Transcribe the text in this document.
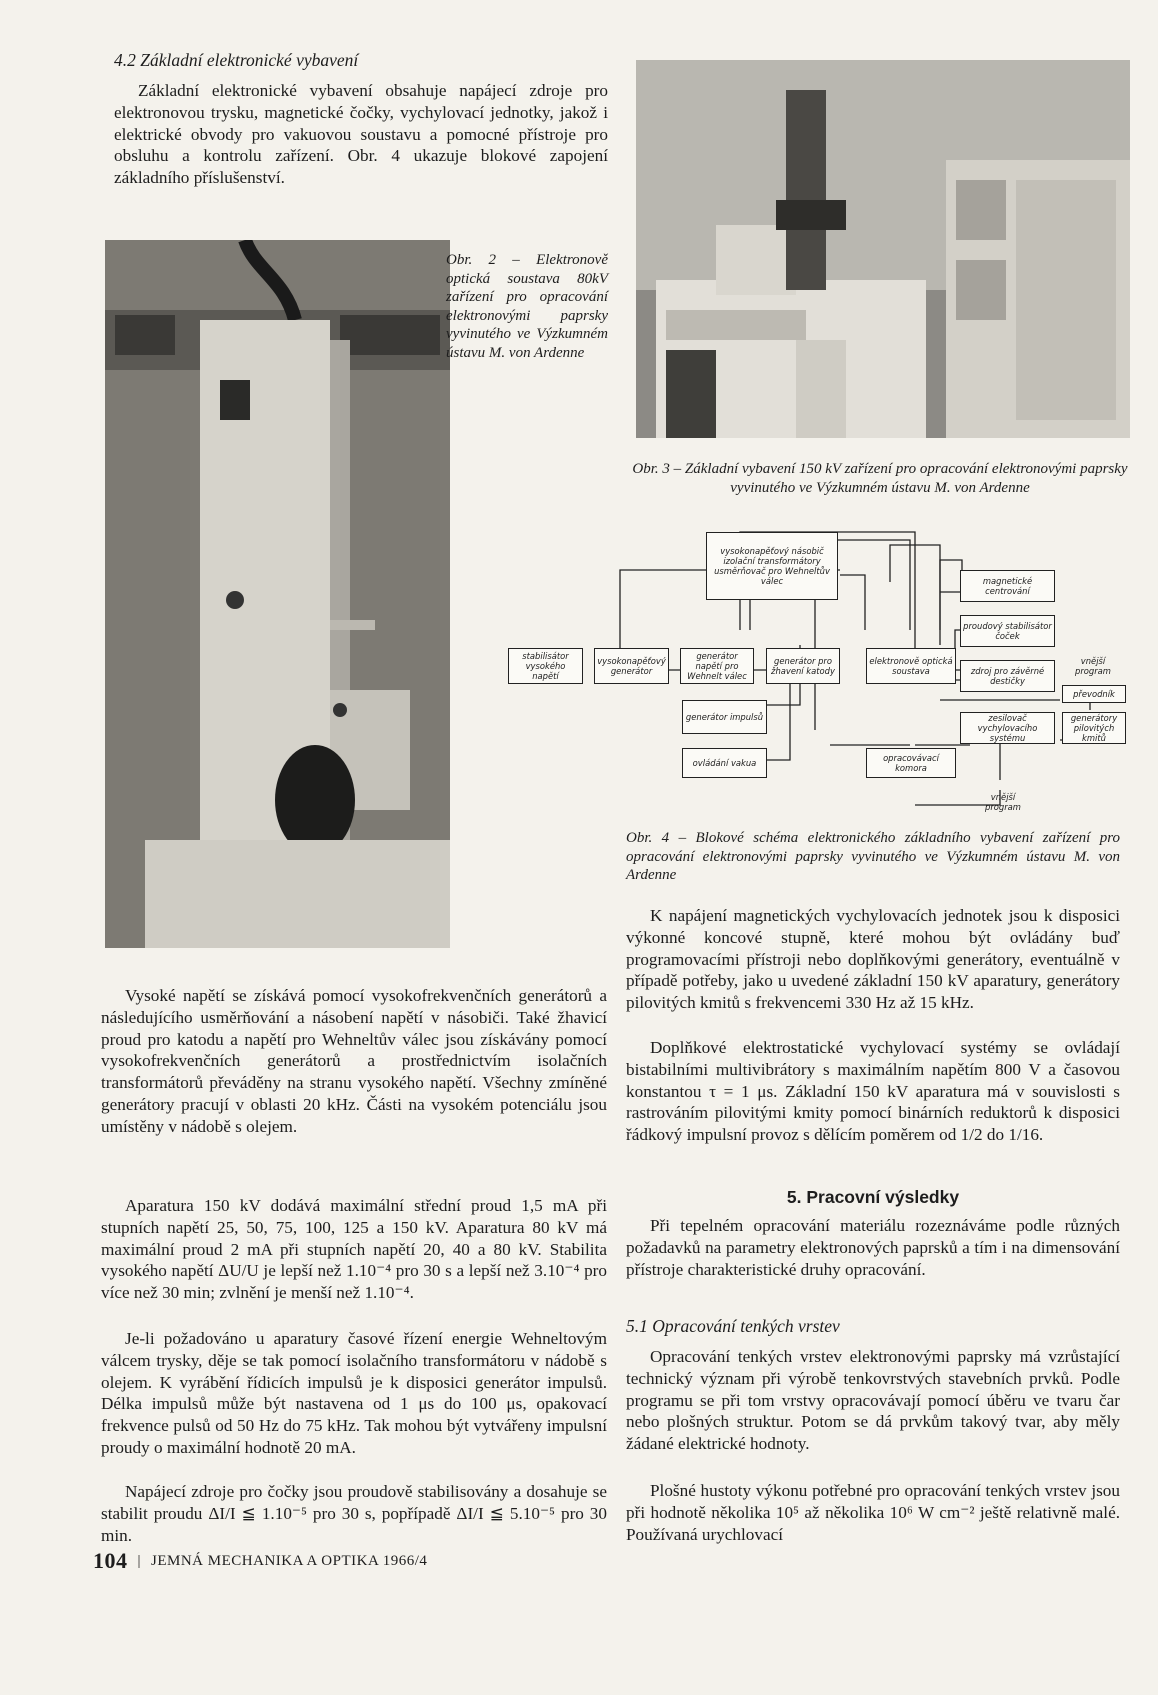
4.2 Základní elektronické vybavení

Základní elektronické vybavení obsahuje napájecí zdroje pro elektronovou trysku, magnetické čočky, vychylovací jednotky, jakož i elektrické obvody pro vakuovou soustavu a pomocné přístroje pro obsluhu a kontrolu zařízení. Obr. 4 ukazuje blokové zapojení základního příslušenství.

Obr. 2 – Elektronově optická soustava 80kV zařízení pro opracování elektronovými paprsky vyvinutého ve Výzkumném ústavu M. von Ardenne

Obr. 3 – Základní vybavení 150 kV zařízení pro opracování elektronovými paprsky vyvinutého ve Výzkumném ústavu M. von Ardenne

vysokonapěťový násobič izolační transformátory usměrňovač pro Wehneltův válec
stabilisátor vysokého napětí
vysokonapěťový generátor
generátor napětí pro Wehnelt válec
generátor pro žhavení katody
elektronově optická soustava
magnetické centrování
proudový stabilisátor čoček
zdroj pro závěrné destičky
zesilovač vychylovacího systému
generátory pilovitých kmitů
generátor impulsů
ovládání vakua	opracovávací komora
převodník
vnější program
vnější program

Obr. 4 – Blokové schéma elektronického základního vybavení zařízení pro opracování elektronovými paprsky vyvinutého ve Výzkumném ústavu M. von Ardenne

Vysoké napětí se získává pomocí vysokofrekvenčních generátorů a následujícího usměrňování a násobení napětí v násobiči. Také žhavicí proud pro katodu a napětí pro Wehneltův válec jsou získávány pomocí vysokofrekvenčních generátorů a prostřednictvím isolačních transformátorů převáděny na stranu vysokého napětí. Všechny zmíněné generátory pracují v oblasti 20 kHz. Části na vysokém potenciálu jsou umístěny v nádobě s olejem.

Aparatura 150 kV dodává maximální střední proud 1,5 mA při stupních napětí 25, 50, 75, 100, 125 a 150 kV. Aparatura 80 kV má maximální proud 2 mA při stupních napětí 20, 40 a 80 kV. Stabilita vysokého napětí ΔU/U je lepší než 1.10⁻⁴ pro 30 s a lepší než 3.10⁻⁴ pro více než 30 min; zvlnění je menší než 1.10⁻⁴.

Je-li požadováno u aparatury časové řízení energie Wehneltovým válcem trysky, děje se tak pomocí isolačního transformátoru v nádobě s olejem. K vyrábění řídicích impulsů je k disposici generátor impulsů. Délka impulsů může být nastavena od 1 μs do 100 μs, opakovací frekvence pulsů od 50 Hz do 75 kHz. Tak mohou být vytvářeny impulsní proudy o maximální hodnotě 20 mA.

Napájecí zdroje pro čočky jsou proudově stabilisovány a dosahuje se stabilit proudu ΔI/I ≦ 1.10⁻⁵ pro 30 s, popřípadě ΔI/I ≦ 5.10⁻⁵ pro 30 min.

K napájení magnetických vychylovacích jednotek jsou k disposici výkonné koncové stupně, které mohou být ovládány buď programovacími přístroji nebo doplňkovými generátory, eventuálně v případě potřeby, jako u uvedené základní 150 kV aparatury, generátory pilovitých kmitů s frekvencemi 330 Hz až 15 kHz.

Doplňkové elektrostatické vychylovací systémy se ovládají bistabilními multivibrátory s maximálním napětím 800 V a časovou konstantou τ = 1 μs. Základní 150 kV aparatura má v souvislosti s rastrováním pilovitými kmity pomocí binárních reduktorů k disposici řádkový impulsní provoz s dělícím poměrem od 1/2 do 1/16.

5. Pracovní výsledky

Při tepelném opracování materiálu rozeznáváme podle různých požadavků na parametry elektronových paprsků a tím i na dimensování přístroje charakteristické druhy opracování.

5.1 Opracování tenkých vrstev

Opracování tenkých vrstev elektronovými paprsky má vzrůstající technický význam při výrobě tenkovrstvých stavebních prvků. Podle programu se při tom vrstvy opracovávají pomocí úběru ve tvaru čar nebo plošných struktur. Potom se dá prvkům takový tvar, aby měly žádané elektrické hodnoty.

Plošné hustoty výkonu potřebné pro opracování tenkých vrstev jsou při hodnotě několika 10⁵ až několika 10⁶ W cm⁻² ještě relativně malé. Používaná urychlovací

104 | JEMNÁ MECHANIKA A OPTIKA 1966/4
